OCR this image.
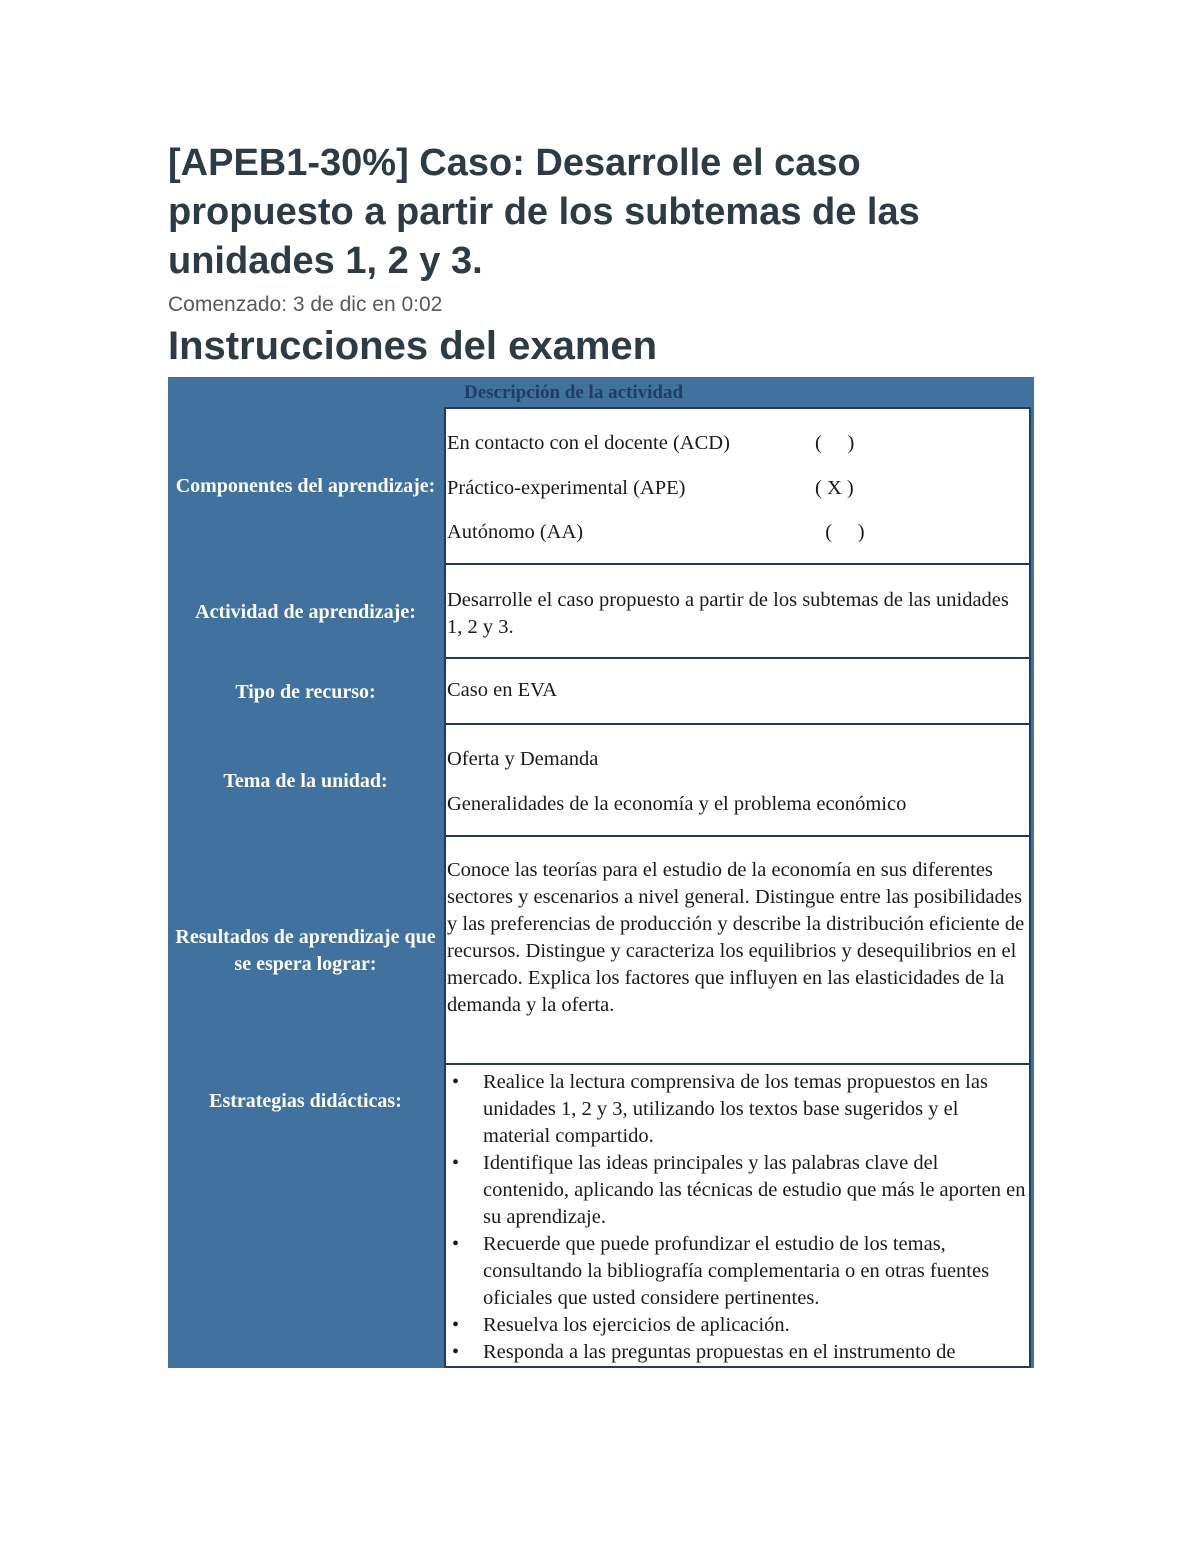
[APEB1-30%] Caso: Desarrolle el caso propuesto a partir de los subtemas de las unidades 1, 2 y 3.
Comenzado: 3 de dic en 0:02
Instrucciones del examen
Descripción de la actividad
Componentes del aprendizaje:
En contacto con el docente (ACD)	(     )
Práctico-experimental (APE)	( X )
Autónomo (AA)	(     )
Actividad de aprendizaje:

Desarrolle el caso propuesto a partir de los subtemas de las unidades 1, 2 y 3.

Tipo de recurso:	Caso en EVA

Tema de la unidad:

Oferta y Demanda

Generalidades de la economía y el problema económico

Resultados de aprendizaje que se espera lograr:

Conoce las teorías para el estudio de la economía en sus diferentes sectores y escenarios a nivel general. Distingue entre las posibilidades y las preferencias de producción y describe la distribución eficiente de recursos. Distingue y caracteriza los equilibrios y desequilibrios en el mercado. Explica los factores que influyen en las elasticidades de la demanda y la oferta.

Estrategias didácticas:
• Realice la lectura comprensiva de los temas propuestos en las unidades 1, 2 y 3, utilizando los textos base sugeridos y el material compartido.
• Identifique las ideas principales y las palabras clave del contenido, aplicando las técnicas de estudio que más le aporten en su aprendizaje.
• Recuerde que puede profundizar el estudio de los temas, consultando la bibliografía complementaria o en otras fuentes oficiales que usted considere pertinentes.
• Resuelva los ejercicios de aplicación.
• Responda a las preguntas propuestas en el instrumento de
